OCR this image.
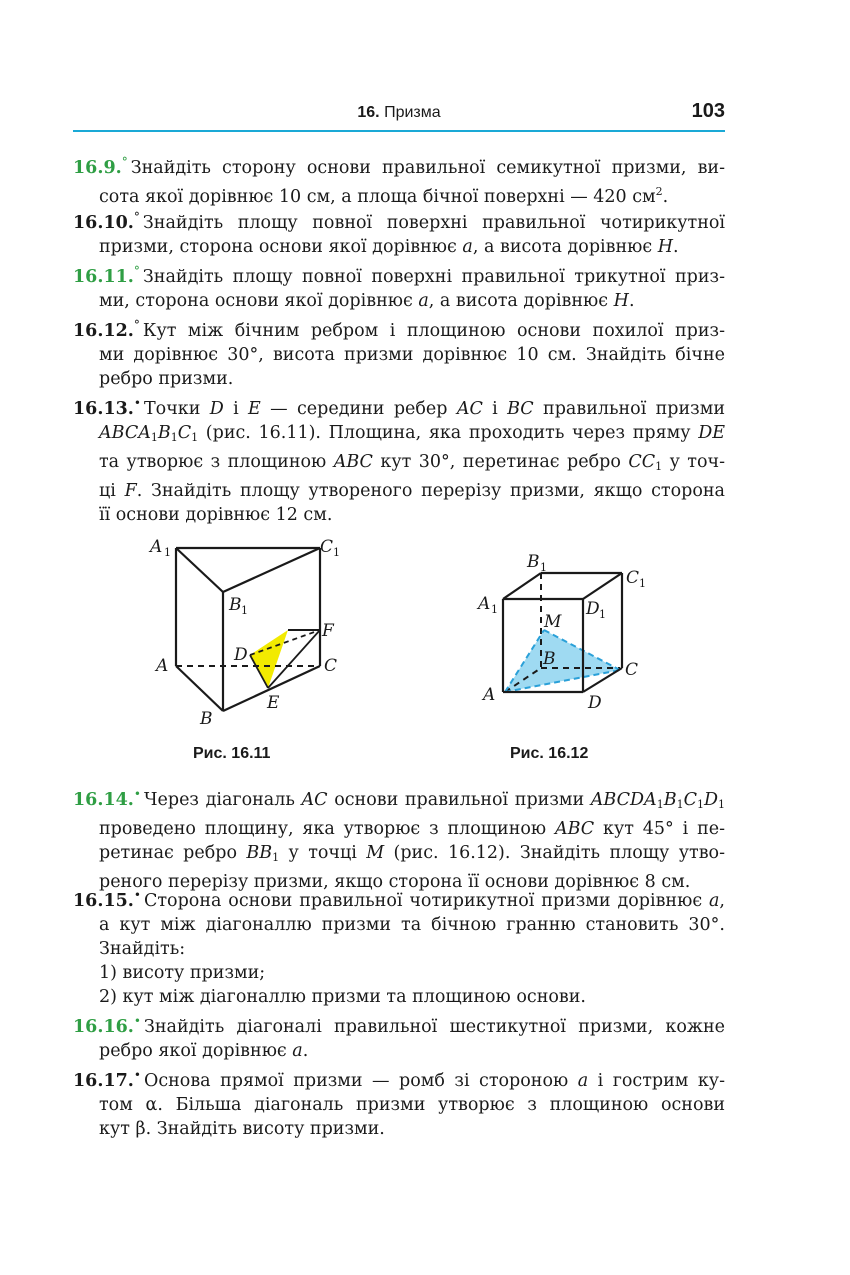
16. Призма	103
16.9.° Знайдіть сторону основи правильної семикутної призми, ви-
сота якої дорівнює 10 см, а площа бічної поверхні — 420 $см^2$.
16.10.° Знайдіть площу повної поверхні правильної чотирикутної
призми, сторона основи якої дорівнює a, а висота дорівнює H.
16.11.° Знайдіть площу повної поверхні правильної трикутної приз-
ми, сторона основи якої дорівнює a, а висота дорівнює H.
16.12.° Кут між бічним ребром і площиною основи похилої приз-
ми дорівнює 30°, висота призми дорівнює 10 см. Знайдіть бічне
ребро призми.
16.13.• Точки D і E — середини ребер AC і BC правильної призми
$ABCA_1B_1C_1$ (рис. 16.11). Площина, яка проходить через пряму DE
та утворює з площиною ABC кут 30°, перетинає ребро $CC_1$ у точ-
ці F. Знайдіть площу утвореного перерізу призми, якщо сторона
її основи дорівнює 12 см.
A 1	C 1
B 1
A	C
D
F
E
B
Рис. 16.11
B 1
C 1
A 1	D 1
M
B
C
A	D
Рис. 16.12
16.14.• Через діагональ AC основи правильної призми $ABCDA_1B_1C_1D_1$
проведено площину, яка утворює з площиною ABC кут 45° і пе-
ретинає ребро $BB_1$ у точці M (рис. 16.12). Знайдіть площу утво-
реного перерізу призми, якщо сторона її основи дорівнює 8 см.
16.15.• Сторона основи правильної чотирикутної призми дорівнює a,
а кут між діагоналлю призми та бічною гранню становить 30°.
Знайдіть:
1) висоту призми;
2) кут між діагоналлю призми та площиною основи.
16.16.• Знайдіть діагоналі правильної шестикутної призми, кожне
ребро якої дорівнює a.
16.17.• Основа прямої призми — ромб зі стороною a і гострим ку-
том α. Більша діагональ призми утворює з площиною основи
кут β. Знайдіть висоту призми.
